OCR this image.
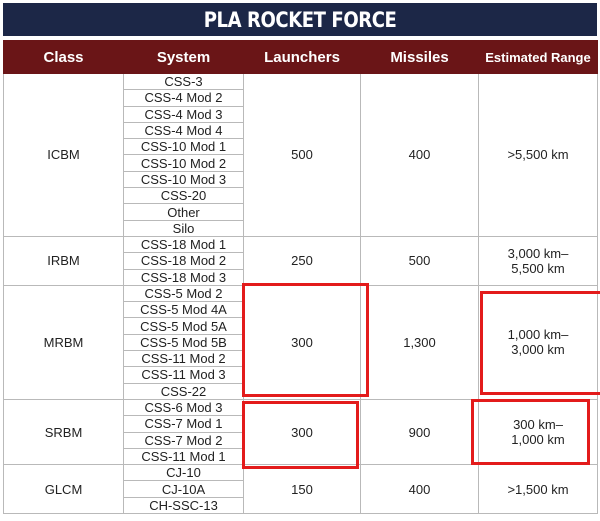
PLA ROCKET FORCE
Class	System	Launchers	Missiles	Estimated Range
ICBM	CSS-3	500	400	>5,500 km

	CSS-4 Mod 2			
	CSS-4 Mod 3			
	CSS-4 Mod 4			
	CSS-10 Mod 1			
	CSS-10 Mod 2			
	CSS-10 Mod 3			
	CSS-20			
	Other			
	Silo			
IRBM	CSS-18 Mod 1	250	500	3,000 km–
5,500 km

	CSS-18 Mod 2			
	CSS-18 Mod 3			
MRBM	CSS-5 Mod 2	300	1,300	1,000 km–
3,000 km

	CSS-5 Mod 4A			
	CSS-5 Mod 5A			
	CSS-5 Mod 5B			
	CSS-11 Mod 2			
	CSS-11 Mod 3			
	CSS-22			
SRBM	CSS-6 Mod 3	300	900	300 km–
1,000 km

	CSS-7 Mod 1			
	CSS-7 Mod 2			
	CSS-11 Mod 1			
GLCM	CJ-10	150	400	>1,500 km

	CJ-10A			
	CH-SSC-13			
